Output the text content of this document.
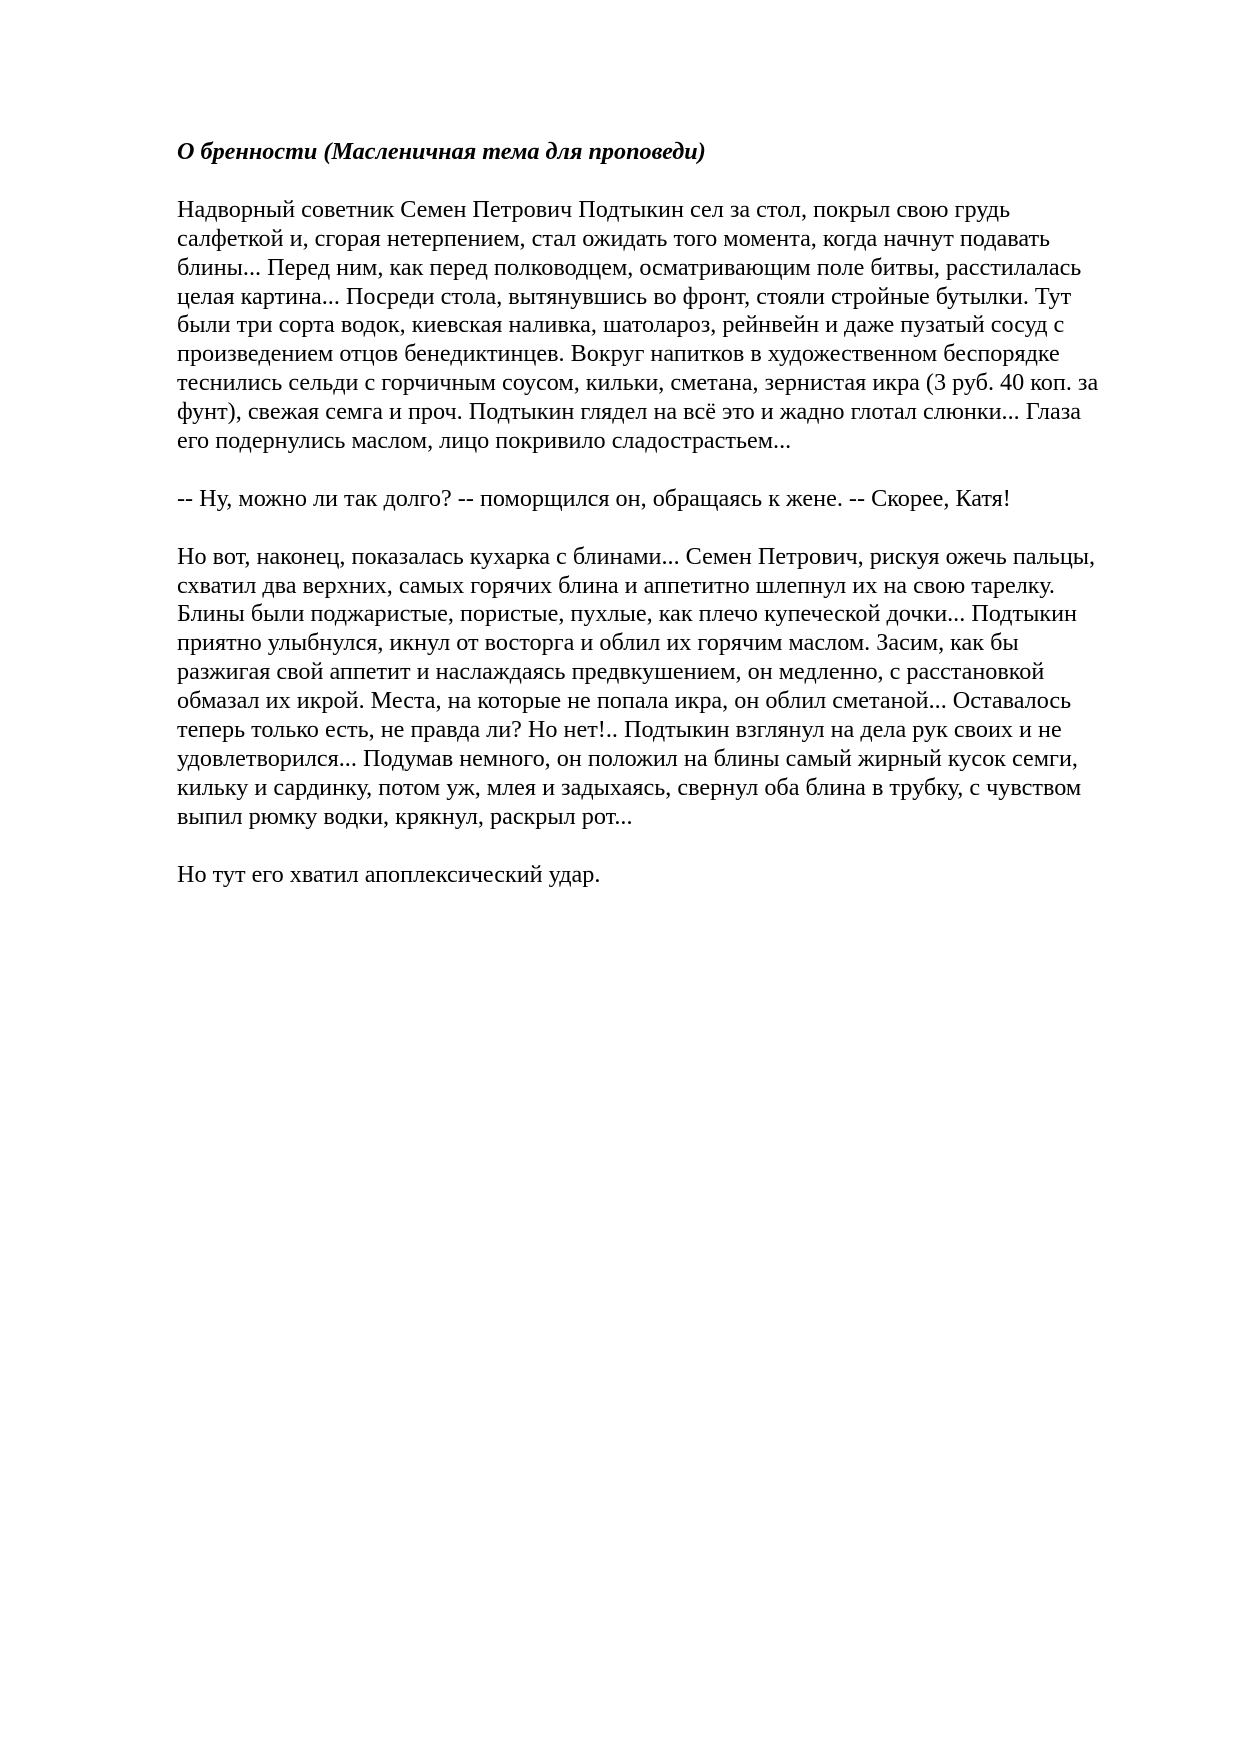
О бренности (Масленичная тема для проповеди)
Надворный советник Семен Петрович Подтыкин сел за стол, покрыл свою грудь
салфеткой и, сгорая нетерпением, стал ожидать того момента, когда начнут подавать
блины... Перед ним, как перед полководцем, осматривающим поле битвы, расстилалась
целая картина... Посреди стола, вытянувшись во фронт, стояли стройные бутылки. Тут
были три сорта водок, киевская наливка, шатолароз, рейнвейн и даже пузатый сосуд с
произведением отцов бенедиктинцев. Вокруг напитков в художественном беспорядке
теснились сельди с горчичным соусом, кильки, сметана, зернистая икра (3 руб. 40 коп. за
фунт), свежая семга и проч. Подтыкин глядел на всё это и жадно глотал слюнки... Глаза
его подернулись маслом, лицо покривило сладострастьем...
-- Ну, можно ли так долго? -- поморщился он, обращаясь к жене. -- Скорее, Катя!
Но вот, наконец, показалась кухарка с блинами... Семен Петрович, рискуя ожечь пальцы,
схватил два верхних, самых горячих блина и аппетитно шлепнул их на свою тарелку.
Блины были поджаристые, пористые, пухлые, как плечо купеческой дочки... Подтыкин
приятно улыбнулся, икнул от восторга и облил их горячим маслом. Засим, как бы
разжигая свой аппетит и наслаждаясь предвкушением, он медленно, с расстановкой
обмазал их икрой. Места, на которые не попала икра, он облил сметаной... Оставалось
теперь только есть, не правда ли? Но нет!.. Подтыкин взглянул на дела рук своих и не
удовлетворился... Подумав немного, он положил на блины самый жирный кусок семги,
кильку и сардинку, потом уж, млея и задыхаясь, свернул оба блина в трубку, с чувством
выпил рюмку водки, крякнул, раскрыл рот...
Но тут его хватил апоплексический удар.
